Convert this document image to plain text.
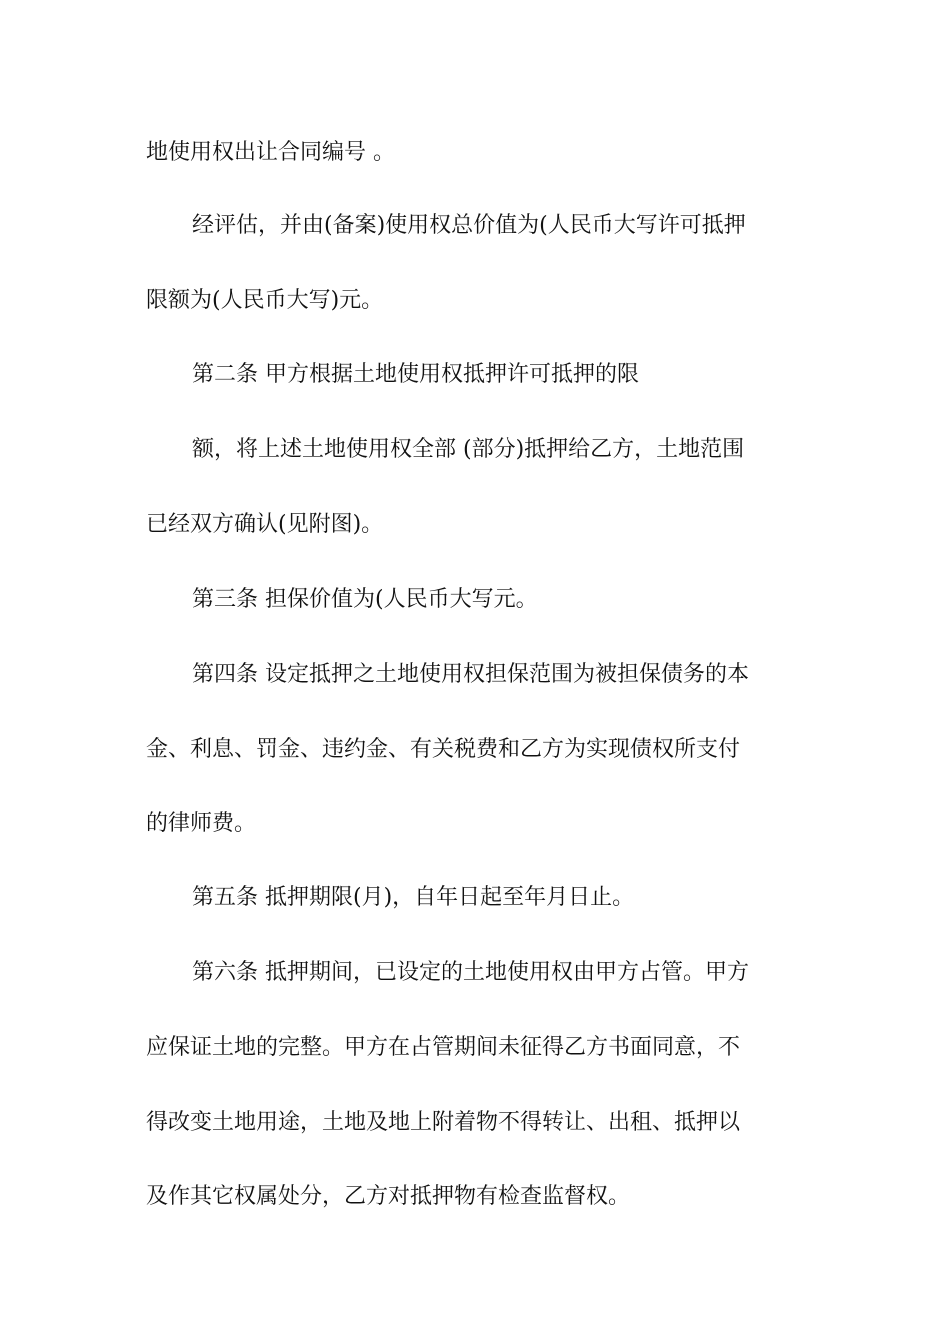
地使用权出让合同编号 。
经评估，并由(备案)使用权总价值为(人民币大写许可抵押
限额为(人民币大写)元。
第二条 甲方根据土地使用权抵押许可抵押的限
额，将上述土地使用权全部 (部分)抵押给乙方，土地范围
已经双方确认(见附图)。
第三条 担保价值为(人民币大写元。
第四条 设定抵押之土地使用权担保范围为被担保债务的本
金、利息、罚金、违约金、有关税费和乙方为实现债权所支付
的律师费。
第五条 抵押期限(月)，自年日起至年月日止。
第六条 抵押期间，已设定的土地使用权由甲方占管。甲方
应保证土地的完整。甲方在占管期间未征得乙方书面同意，不
得改变土地用途，土地及地上附着物不得转让、出租、抵押以
及作其它权属处分，乙方对抵押物有检查监督权。
